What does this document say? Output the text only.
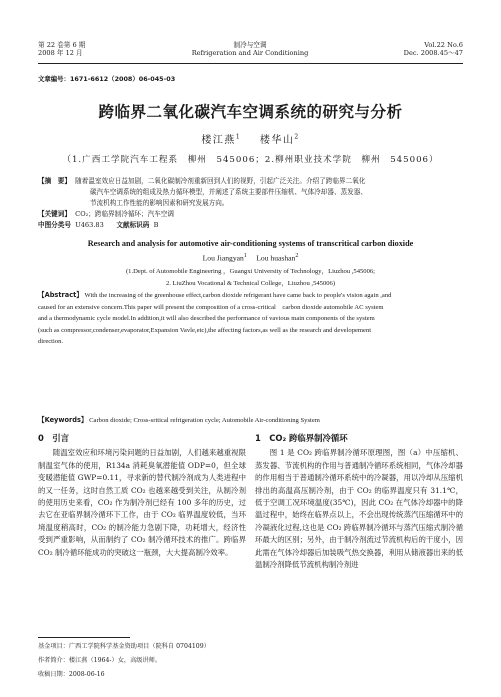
第 22 卷第 6 期
2008 年 12 月
制冷与空调
Refrigeration and Air Conditioning
Vol.22 No.6
Dec. 2008.45～47
文章编号：1671-6612（2008）06-045-03
跨临界二氧化碳汽车空调系统的研究与分析
楼江燕$^1$ 楼华山$^2$
（1.广西工学院汽车工程系　柳州　545006；2.柳州职业技术学院　柳州　545006）
【摘　要】 随着温室效应日益加剧，二氧化碳制冷剂重新回到人们的视野，引起广泛关注。介绍了跨临界二氧化
碳汽车空调系统的组成及热力循环模型，并阐述了系统主要部件压缩机、气体冷却器、蒸发器、
节流机构工作性能的影响因素和研究发展方向。
【关键词】 CO₂；跨临界制冷循环；汽车空调
中图分类号 U463.83 文献标识码 B
Research and analysis for automotive air-conditioning systems of transcritical carbon dioxide
Lou Jiangyan$^1$ Lou huashan$^2$
(1.Dept. of Automobile Engineering ，Guangxi University of Technology，Liuzhou ,545006;
2. LiuZhou Vocational & Technical College，Liuzhou ,545006)
【Abstract】 With the increasing of the greenhouse effect,carbon dioxide refrigerant have came back to people's vision again ,and
caused for an extensive concern.This paper will present the composition of a cross-critical　carbon dioxide automobile AC system
and a thermodynamic cycle model.In addition,it will also described the performance of vavious main components of the system
(such as compressor,condenser,evaporator,Expansion Vavle,etc),the affecting factors,as well as the research and developement
direction.
【Keywords】 Carbon dioxide; Cross-sritical refrigeration cycle; Automobile Air-conditioning System
0　引言

随温室效应和环境污染问题的日益加剧，人们越来越重视限制温室气体的使用，R134a 消耗臭氧潜能值 ODP=0，但全球变暖潜能值 GWP=0.11，寻求新的替代制冷剂成为人类进程中的又一任务，这时自然工质 CO₂ 也越来越受到关注，从制冷剂的使用历史来看，CO₂ 作为制冷剂已经有 100 多年的历史，过去它在亚临界制冷循环下工作，由于 CO₂ 临界温度较低，当环境温度稍高时，CO₂ 的制冷能力急剧下降，功耗增大，经济性受到严重影响，从而制约了 CO₂ 制冷循环技术的推广。跨临界 CO₂ 制冷循环能成功的突破这一瓶颈，大大提高制冷效率。

1　CO₂ 跨临界制冷循环

图 1 是 CO₂ 跨临界制冷循环原理图，图（a）中压缩机、蒸发器、节流机构的作用与普通制冷循环系统相同，气体冷却器的作用相当于普通制冷循环系统中的冷凝器，用以冷却从压缩机排出的高温高压制冷剂，由于 CO₂ 的临界温度只有 31.1℃，低于空调工况环境温度(35℃)，因此 CO₂ 在气体冷却器中的降温过程中，始终在临界点以上，不会出现传统蒸汽压缩循环中的冷凝液化过程,这也是 CO₂ 跨临界制冷循环与蒸汽压缩式制冷循环最大的区别；另外，由于制冷剂流过节流机构后的干度小，因此需在气体冷却器后加装吸气热交换器，利用从储液器出来的低温制冷剂降低节流机构制冷剂进

基金项目：广西工学院科学基金资助项目（院科自 0704109）
作者简介：楼江燕（1964-）女，高级讲师。
收稿日期：2008-06-16
